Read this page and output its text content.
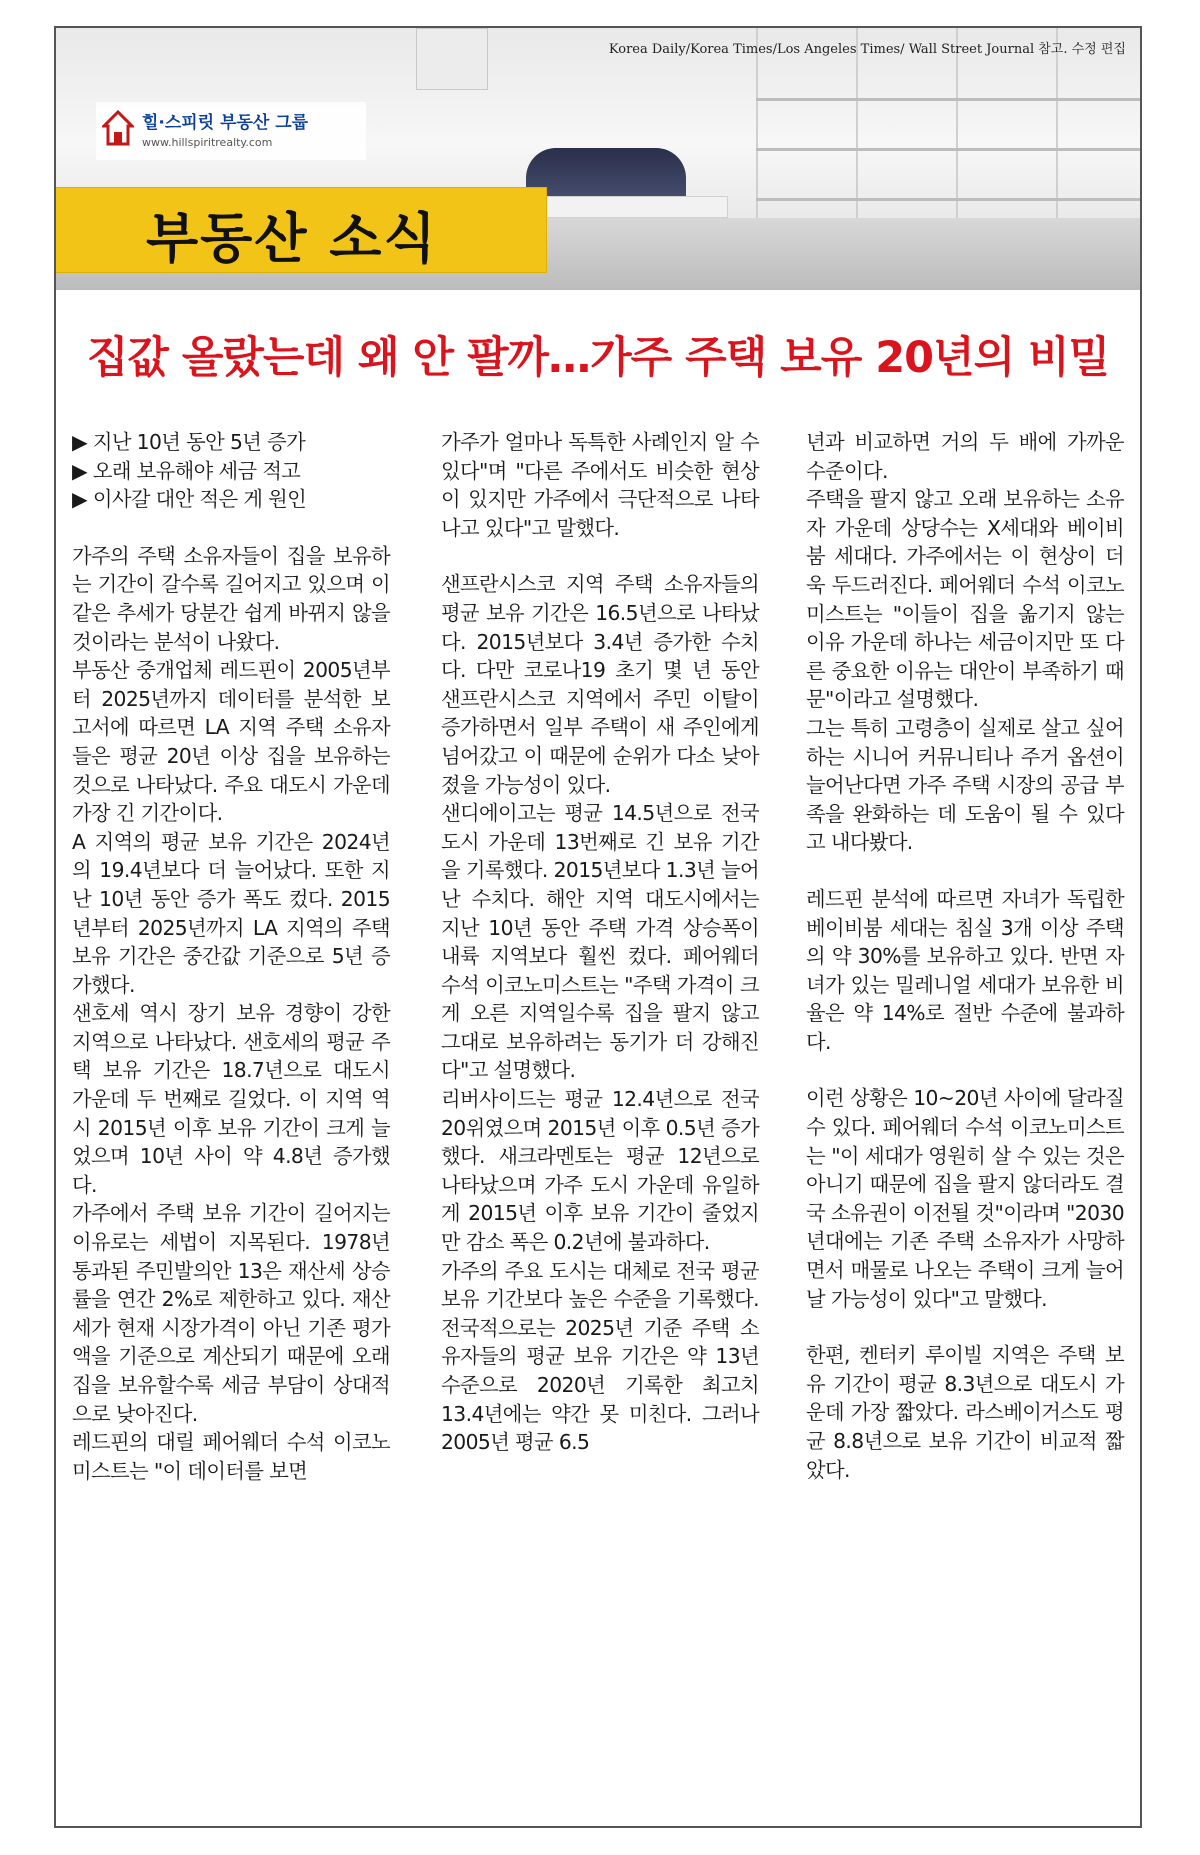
Korea Daily/Korea Times/Los Angeles Times/ Wall Street Journal 참고. 수정 편집
힐·스피릿 부동산 그룹
www.hillspiritrealty.com
부동산 소식
집값 올랐는데 왜 안 팔까…가주 주택 보유 20년의 비밀
▶ 지난 10년 동안 5년 증가
▶ 오래 보유해야 세금 적고
▶ 이사갈 대안 적은 게 원인

가주의 주택 소유자들이 집을 보유하는 기간이 갈수록 길어지고 있으며 이 같은 추세가 당분간 쉽게 바뀌지 않을 것이라는 분석이 나왔다.

부동산 중개업체 레드핀이 2005년부터 2025년까지 데이터를 분석한 보고서에 따르면 LA 지역 주택 소유자들은 평균 20년 이상 집을 보유하는 것으로 나타났다. 주요 대도시 가운데 가장 긴 기간이다.

A 지역의 평균 보유 기간은 2024년의 19.4년보다 더 늘어났다. 또한 지난 10년 동안 증가 폭도 컸다. 2015년부터 2025년까지 LA 지역의 주택 보유 기간은 중간값 기준으로 5년 증가했다.

샌호세 역시 장기 보유 경향이 강한 지역으로 나타났다. 샌호세의 평균 주택 보유 기간은 18.7년으로 대도시 가운데 두 번째로 길었다. 이 지역 역시 2015년 이후 보유 기간이 크게 늘었으며 10년 사이 약 4.8년 증가했다.

가주에서 주택 보유 기간이 길어지는 이유로는 세법이 지목된다. 1978년 통과된 주민발의안 13은 재산세 상승률을 연간 2%로 제한하고 있다. 재산세가 현재 시장가격이 아닌 기존 평가액을 기준으로 계산되기 때문에 오래 집을 보유할수록 세금 부담이 상대적으로 낮아진다.

레드핀의 대릴 페어웨더 수석 이코노미스트는 "이 데이터를 보면

가주가 얼마나 독특한 사례인지 알 수 있다"며 "다른 주에서도 비슷한 현상이 있지만 가주에서 극단적으로 나타나고 있다"고 말했다.

샌프란시스코 지역 주택 소유자들의 평균 보유 기간은 16.5년으로 나타났다. 2015년보다 3.4년 증가한 수치다. 다만 코로나19 초기 몇 년 동안 샌프란시스코 지역에서 주민 이탈이 증가하면서 일부 주택이 새 주인에게 넘어갔고 이 때문에 순위가 다소 낮아졌을 가능성이 있다.

샌디에이고는 평균 14.5년으로 전국 도시 가운데 13번째로 긴 보유 기간을 기록했다. 2015년보다 1.3년 늘어난 수치다. 해안 지역 대도시에서는 지난 10년 동안 주택 가격 상승폭이 내륙 지역보다 훨씬 컸다. 페어웨더 수석 이코노미스트는 "주택 가격이 크게 오른 지역일수록 집을 팔지 않고 그대로 보유하려는 동기가 더 강해진다"고 설명했다.

리버사이드는 평균 12.4년으로 전국 20위였으며 2015년 이후 0.5년 증가했다. 새크라멘토는 평균 12년으로 나타났으며 가주 도시 가운데 유일하게 2015년 이후 보유 기간이 줄었지만 감소 폭은 0.2년에 불과하다.

가주의 주요 도시는 대체로 전국 평균 보유 기간보다 높은 수준을 기록했다. 전국적으로는 2025년 기준 주택 소유자들의 평균 보유 기간은 약 13년 수준으로 2020년 기록한 최고치 13.4년에는 약간 못 미친다. 그러나 2005년 평균 6.5

년과 비교하면 거의 두 배에 가까운 수준이다.

주택을 팔지 않고 오래 보유하는 소유자 가운데 상당수는 X세대와 베이비붐 세대다. 가주에서는 이 현상이 더욱 두드러진다. 페어웨더 수석 이코노미스트는 "이들이 집을 옮기지 않는 이유 가운데 하나는 세금이지만 또 다른 중요한 이유는 대안이 부족하기 때문"이라고 설명했다.

그는 특히 고령층이 실제로 살고 싶어 하는 시니어 커뮤니티나 주거 옵션이 늘어난다면 가주 주택 시장의 공급 부족을 완화하는 데 도움이 될 수 있다고 내다봤다.

레드핀 분석에 따르면 자녀가 독립한 베이비붐 세대는 침실 3개 이상 주택의 약 30%를 보유하고 있다. 반면 자녀가 있는 밀레니얼 세대가 보유한 비율은 약 14%로 절반 수준에 불과하다.

이런 상황은 10~20년 사이에 달라질 수 있다. 페어웨더 수석 이코노미스트는 "이 세대가 영원히 살 수 있는 것은 아니기 때문에 집을 팔지 않더라도 결국 소유권이 이전될 것"이라며 "2030년대에는 기존 주택 소유자가 사망하면서 매물로 나오는 주택이 크게 늘어날 가능성이 있다"고 말했다.

한편, 켄터키 루이빌 지역은 주택 보유 기간이 평균 8.3년으로 대도시 가운데 가장 짧았다. 라스베이거스도 평균 8.8년으로 보유 기간이 비교적 짧았다.
